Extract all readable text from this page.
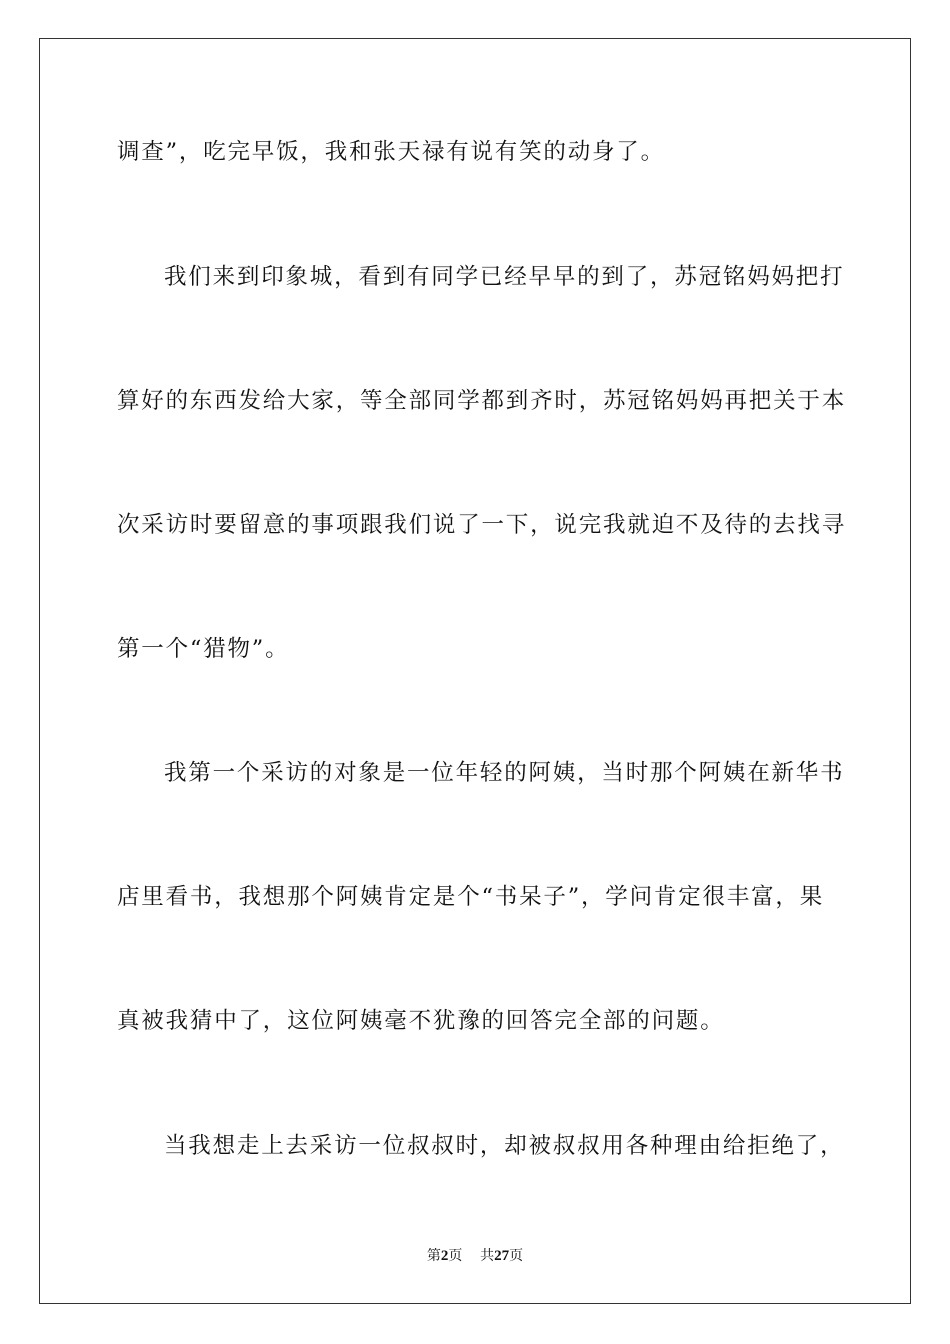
调查”，吃完早饭，我和张天禄有说有笑的动身了。
我们来到印象城，看到有同学已经早早的到了，苏冠铭妈妈把打
算好的东西发给大家，等全部同学都到齐时，苏冠铭妈妈再把关于本
次采访时要留意的事项跟我们说了一下，说完我就迫不及待的去找寻
第一个“猎物”。
我第一个采访的对象是一位年轻的阿姨，当时那个阿姨在新华书
店里看书，我想那个阿姨肯定是个“书呆子”，学问肯定很丰富，果
真被我猜中了，这位阿姨毫不犹豫的回答完全部的问题。
当我想走上去采访一位叔叔时，却被叔叔用各种理由给拒绝了，
第2页 共27页
